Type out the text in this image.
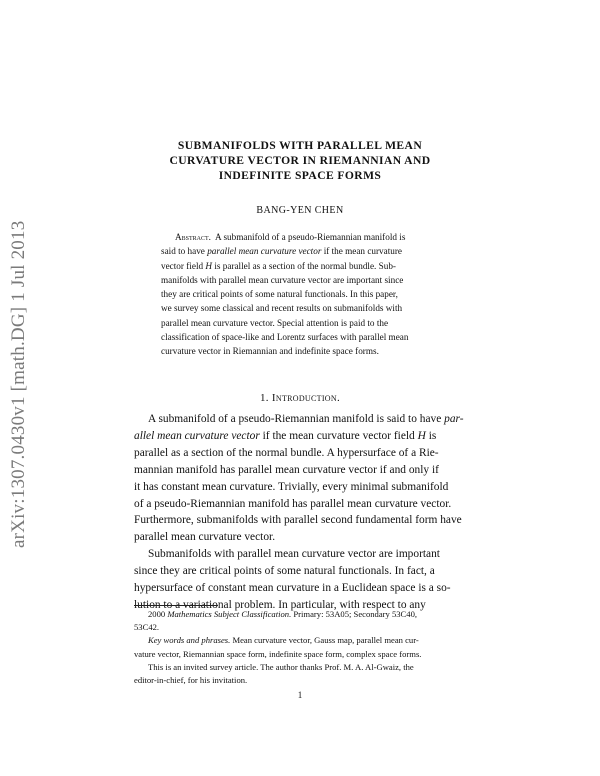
arXiv:1307.0430v1 [math.DG] 1 Jul 2013
SUBMANIFOLDS WITH PARALLEL MEAN
CURVATURE VECTOR IN RIEMANNIAN AND
INDEFINITE SPACE FORMS
BANG-YEN CHEN
Abstract. A submanifold of a pseudo-Riemannian manifold is
said to have parallel mean curvature vector if the mean curvature
vector field H is parallel as a section of the normal bundle. Sub-
manifolds with parallel mean curvature vector are important since
they are critical points of some natural functionals. In this paper,
we survey some classical and recent results on submanifolds with
parallel mean curvature vector. Special attention is paid to the
classification of space-like and Lorentz surfaces with parallel mean
curvature vector in Riemannian and indefinite space forms.
1. Introduction.
A submanifold of a pseudo-Riemannian manifold is said to have par-
allel mean curvature vector if the mean curvature vector field H is
parallel as a section of the normal bundle. A hypersurface of a Rie-
mannian manifold has parallel mean curvature vector if and only if
it has constant mean curvature. Trivially, every minimal submanifold
of a pseudo-Riemannian manifold has parallel mean curvature vector.
Furthermore, submanifolds with parallel second fundamental form have
parallel mean curvature vector.
Submanifolds with parallel mean curvature vector are important
since they are critical points of some natural functionals. In fact, a
hypersurface of constant mean curvature in a Euclidean space is a so-
lution to a variational problem. In particular, with respect to any
2000 Mathematics Subject Classification. Primary: 53A05; Secondary 53C40,
53C42.
Key words and phrases. Mean curvature vector, Gauss map, parallel mean cur-
vature vector, Riemannian space form, indefinite space form, complex space forms.
This is an invited survey article. The author thanks Prof. M. A. Al-Gwaiz, the
editor-in-chief, for his invitation.
1
